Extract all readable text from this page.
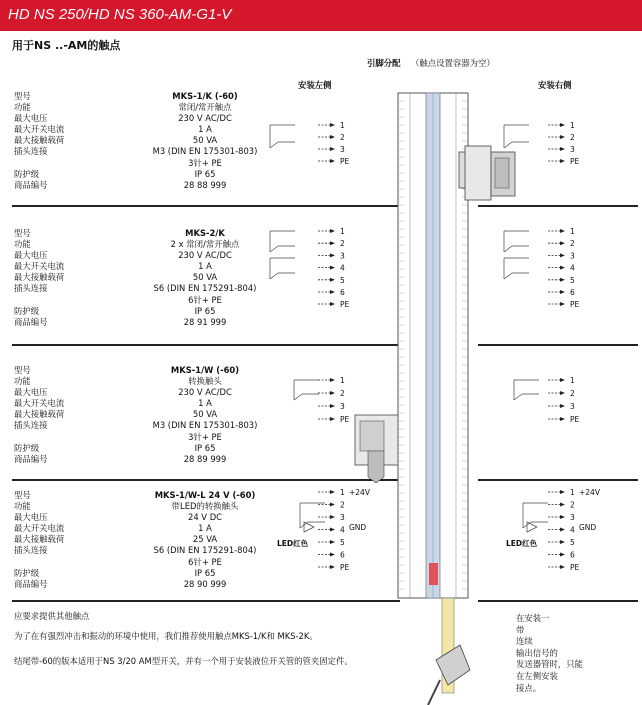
HD NS 250/HD NS 360-AM-G1-V
用于NS ..-AM的触点
引脚分配 （触点设置容器为空）
安装左侧	安装右侧
型号
功能
最大电压
最大开关电流
最大接触载荷
插头连接
防护级
商品编号
MKS-1/K (-60)
常闭/常开触点
230 V AC/DC
1 A
50 VA
M3 (DIN EN 175301-803)
3针+ PE
IP 65
28 88 999
型号
功能
最大电压
最大开关电流
最大接触载荷
插头连接
防护级
商品编号
MKS-2/K
2 x 常闭/常开触点
230 V AC/DC
1 A
50 VA
S6 (DIN EN 175291-804)
6针+ PE
IP 65
28 91 999
型号
功能
最大电压
最大开关电流
最大接触载荷
插头连接
防护级
商品编号
MKS-1/W (-60)
转换触头
230 V AC/DC
1 A
50 VA
M3 (DIN EN 175301-803)
3针+ PE
IP 65
28 89 999
型号
功能
最大电压
最大开关电流
最大接触载荷
插头连接
防护级
商品编号
MKS-1/W-L 24 V (-60)
带LED的转换触头
24 V DC
1 A
25 VA
S6 (DIN EN 175291-804)
6针+ PE
IP 65
28 90 999
应要求提供其他触点
为了在有强烈冲击和振动的环境中使用，我们推荐使用触点MKS-1/K和 MKS-2K。
结尾带-60的版本适用于NS 3/20 AM型开关，并有一个用于安装液位开关管的管夹固定件。
在安装一
带
连续
输出信号的
发送器管时，只能
在左侧安装
接点。
1
2
3
PE
1
2
3
PE
1
2
3
4
5
6
PE
1
2
3
4
5
6
PE
1
2
3
PE
1
2
3
PE
1
2
3
4
5
6
PE
+24V
GND
LED红色
1
2
3
4
5
6
PE
+24V
GND
LED红色
